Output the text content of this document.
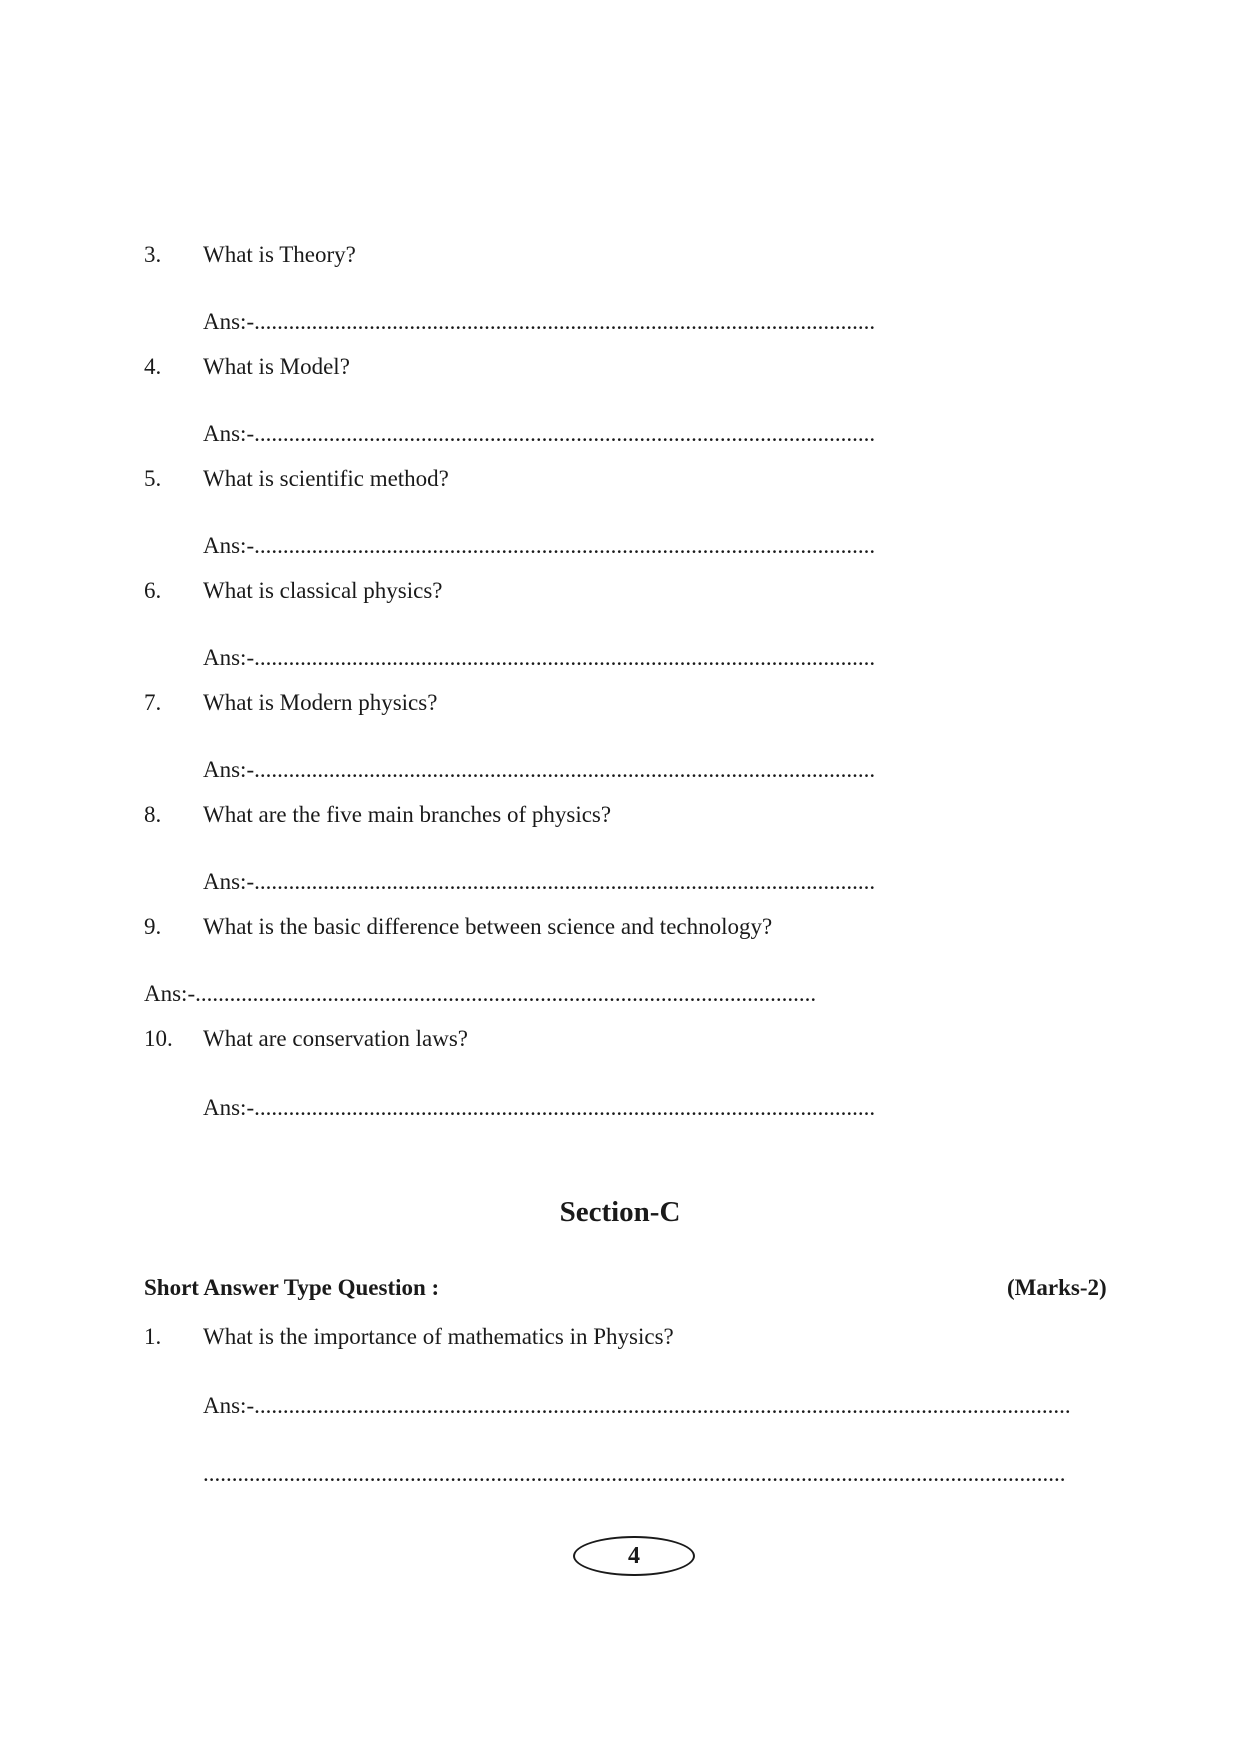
3. What is Theory?
Ans:-............................................................................................................
4. What is Model?
Ans:-............................................................................................................
5. What is scientific method?
Ans:-............................................................................................................
6. What is classical physics?
Ans:-............................................................................................................
7. What is Modern physics?
Ans:-............................................................................................................
8. What are the five main branches of physics?
Ans:-............................................................................................................
9. What is the basic difference between science and technology?
Ans:-............................................................................................................
10. What are conservation laws?
Ans:-............................................................................................................
Section-C
Short Answer Type Question :	(Marks-2)
1. What is the importance of mathematics in Physics?
Ans:-..............................................................................................................................................
......................................................................................................................................................
4
